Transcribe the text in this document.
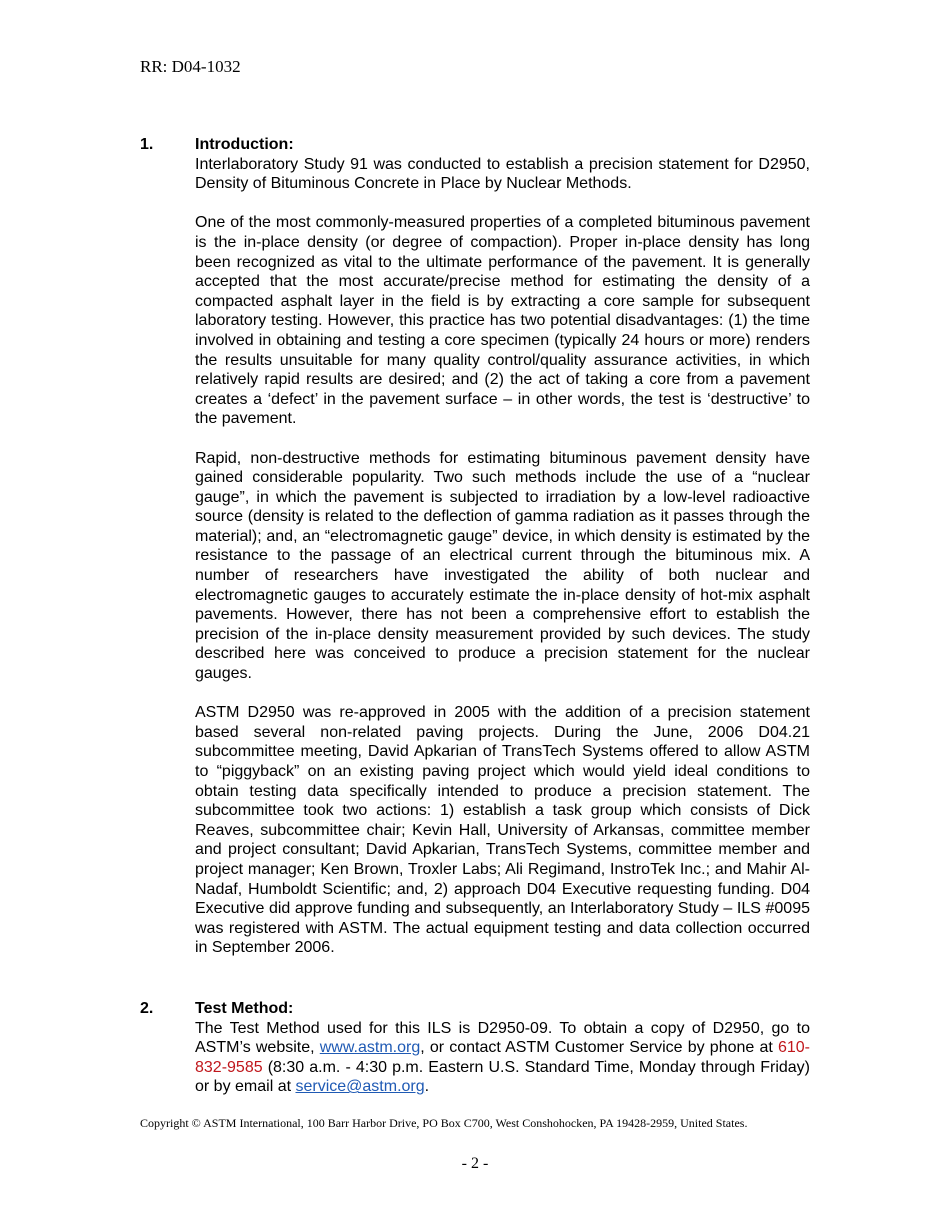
RR: D04-1032
1.	Introduction:

Interlaboratory Study 91 was conducted to establish a precision statement for D2950, Density of Bituminous Concrete in Place by Nuclear Methods.

One of the most commonly-measured properties of a completed bituminous pavement is the in-place density (or degree of compaction). Proper in-place density has long been recognized as vital to the ultimate performance of the pavement. It is generally accepted that the most accurate/precise method for estimating the density of a compacted asphalt layer in the field is by extracting a core sample for subsequent laboratory testing. However, this practice has two potential disadvantages: (1) the time involved in obtaining and testing a core specimen (typically 24 hours or more) renders the results unsuitable for many quality control/quality assurance activities, in which relatively rapid results are desired; and (2) the act of taking a core from a pavement creates a ‘defect’ in the pavement surface – in other words, the test is ‘destructive’ to the pavement.

Rapid, non-destructive methods for estimating bituminous pavement density have gained considerable popularity. Two such methods include the use of a “nuclear gauge”, in which the pavement is subjected to irradiation by a low-level radioactive source (density is related to the deflection of gamma radiation as it passes through the material); and, an “electromagnetic gauge” device, in which density is estimated by the resistance to the passage of an electrical current through the bituminous mix. A number of researchers have investigated the ability of both nuclear and electromagnetic gauges to accurately estimate the in-place density of hot-mix asphalt pavements. However, there has not been a comprehensive effort to establish the precision of the in-place density measurement provided by such devices. The study described here was conceived to produce a precision statement for the nuclear gauges.

ASTM D2950 was re-approved in 2005 with the addition of a precision statement based several non-related paving projects. During the June, 2006 D04.21 subcommittee meeting, David Apkarian of TransTech Systems offered to allow ASTM to “piggyback” on an existing paving project which would yield ideal conditions to obtain testing data specifically intended to produce a precision statement. The subcommittee took two actions: 1) establish a task group which consists of Dick Reaves, subcommittee chair; Kevin Hall, University of Arkansas, committee member and project consultant; David Apkarian, TransTech Systems, committee member and project manager; Ken Brown, Troxler Labs; Ali Regimand, InstroTek Inc.; and Mahir Al-Nadaf, Humboldt Scientific; and, 2) approach D04 Executive requesting funding. D04 Executive did approve funding and subsequently, an Interlaboratory Study – ILS #0095 was registered with ASTM. The actual equipment testing and data collection occurred in September 2006.

2.	Test Method:

The Test Method used for this ILS is D2950-09. To obtain a copy of D2950, go to ASTM’s website, www.astm.org, or contact ASTM Customer Service by phone at 610-832-9585 (8:30 a.m. - 4:30 p.m. Eastern U.S. Standard Time, Monday through Friday) or by email at service@astm.org.

Copyright © ASTM International, 100 Barr Harbor Drive, PO Box C700, West Conshohocken, PA 19428-2959, United States.
- 2 -
